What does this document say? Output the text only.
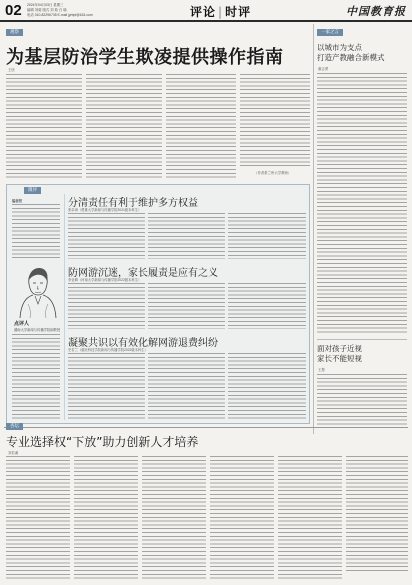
02 2024年04月03日 星期三
编辑 刘菊 版式 刘 菊 白 瑜
电话 010-82296735 E-mail jyrbpl@163.com	评论 | 时评	中国教育报
观察
为基层防治学生欺凌提供操作指南
王欣
（作者系兰州大学教师）
一家之言
以城市为支点
打造产教融合新模式
谢志勇
面对孩子近视
家长不能短视
王慧
微评
编者按
点评人
湖南大学新闻与传播学院副教授
分清责任有利于维护多方权益
张卓涛（楚雄大学新闻与传播学院2021级本科生）
防网游沉迷，家长履责是应有之义
李亚卿（河南大学新闻与传播学院2022级本科生）
凝聚共识以有效化解网游退费纠纷
史若兰（湖北科技学院新闻与传播学院2022级本科生）
杏坛
专业选择权“下放”助力创新人才培养
刘若溪
